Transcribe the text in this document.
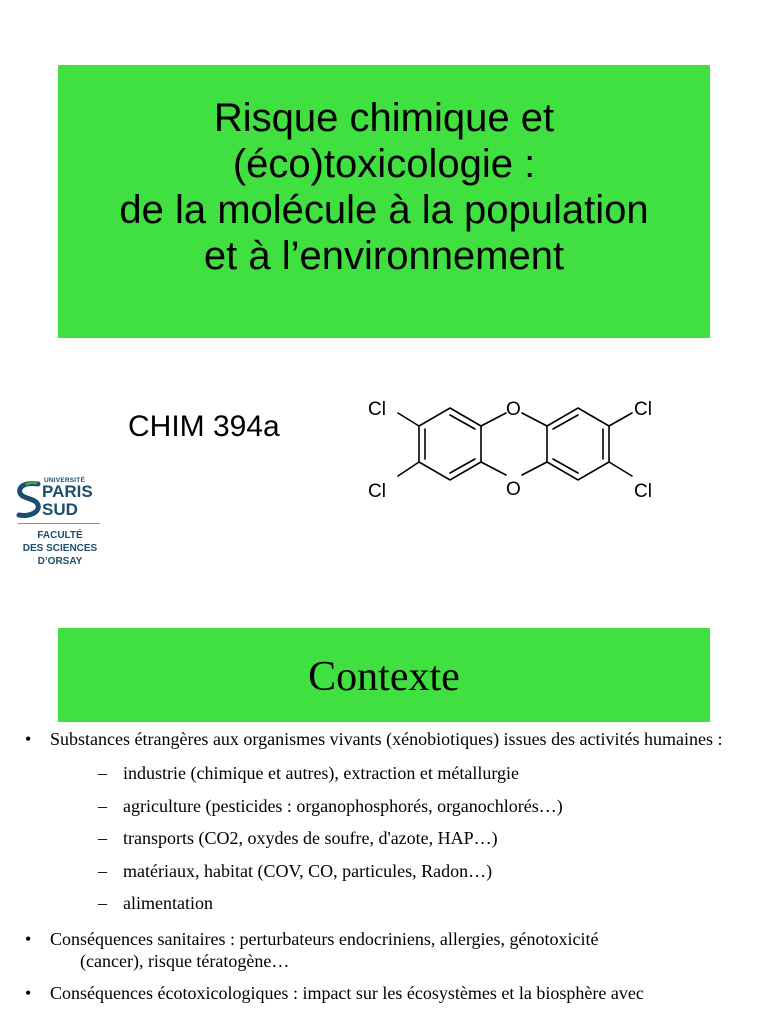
Risque chimique et
(éco)toxicologie :
de la molécule à la population
et à l’environnement
CHIM 394a
O
O
Cl
Cl
Cl
Cl
UNIVERSITÉ
PARIS
SUD
FACULTÉ
DES SCIENCES
D’ORSAY
Contexte
• Substances étrangères aux organismes vivants (xénobiotiques) issues des activités humaines :
– industrie (chimique et autres), extraction et métallurgie
– agriculture (pesticides : organophosphorés, organochlorés…)
– transports (CO2, oxydes de soufre, d'azote, HAP…)
– matériaux, habitat (COV, CO, particules, Radon…)
– alimentation
• Conséquences sanitaires : perturbateurs endocriniens, allergies, génotoxicité
(cancer), risque tératogène…
• Conséquences écotoxicologiques : impact sur les écosystèmes et la biosphère avec
